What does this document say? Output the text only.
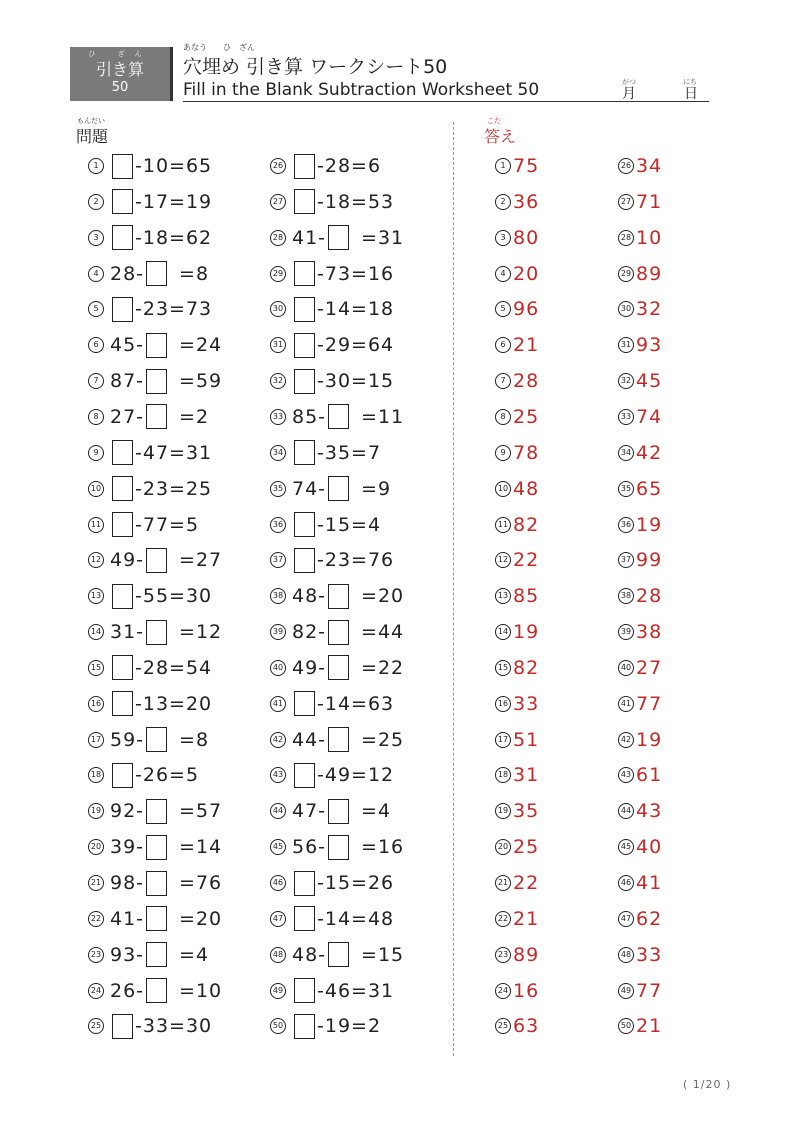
ひ ざん
引き算
50
あなう　　ひ　ざん
穴埋め 引き算 ワークシート50
Fill in the Blank Subtraction Worksheet 50	がつ
月
にち
日
もんだい
問題
こた
答え
1 -10 =65
2 -17 =19
3 -18 =62
4 28- =8
5 -23 =73
6 45- =24
7 87- =59
8 27- =2
9 -47 =31
10 -23 =25
11 -77 =5
12 49- =27
13 -55 =30
14 31- =12
15 -28 =54
16 -13 =20
17 59- =8
18 -26 =5
19 92- =57
20 39- =14
21 98- =76
22 41- =20
23 93- =4
24 26- =10
25 -33 =30
26 -28 =6
27 -18 =53
28 41- =31
29 -73 =16
30 -14 =18
31 -29 =64
32 -30 =15
33 85- =11
34 -35 =7
35 74- =9
36 -15 =4
37 -23 =76
38 48- =20
39 82- =44
40 49- =22
41 -14 =63
42 44- =25
43 -49 =12
44 47- =4
45 56- =16
46 -15 =26
47 -14 =48
48 48- =15
49 -46 =31
50 -19 =2
1 75
2 36
3 80
4 20
5 96
6 21
7 28
8 25
9 78
10 48
11 82
12 22
13 85
14 19
15 82
16 33
17 51
18 31
19 35
20 25
21 22
22 21
23 89
24 16
25 63
26 34
27 71
28 10
29 89
30 32
31 93
32 45
33 74
34 42
35 65
36 19
37 99
38 28
39 38
40 27
41 77
42 19
43 61
44 43
45 40
46 41
47 62
48 33
49 77
50 21
( 1/20 )
